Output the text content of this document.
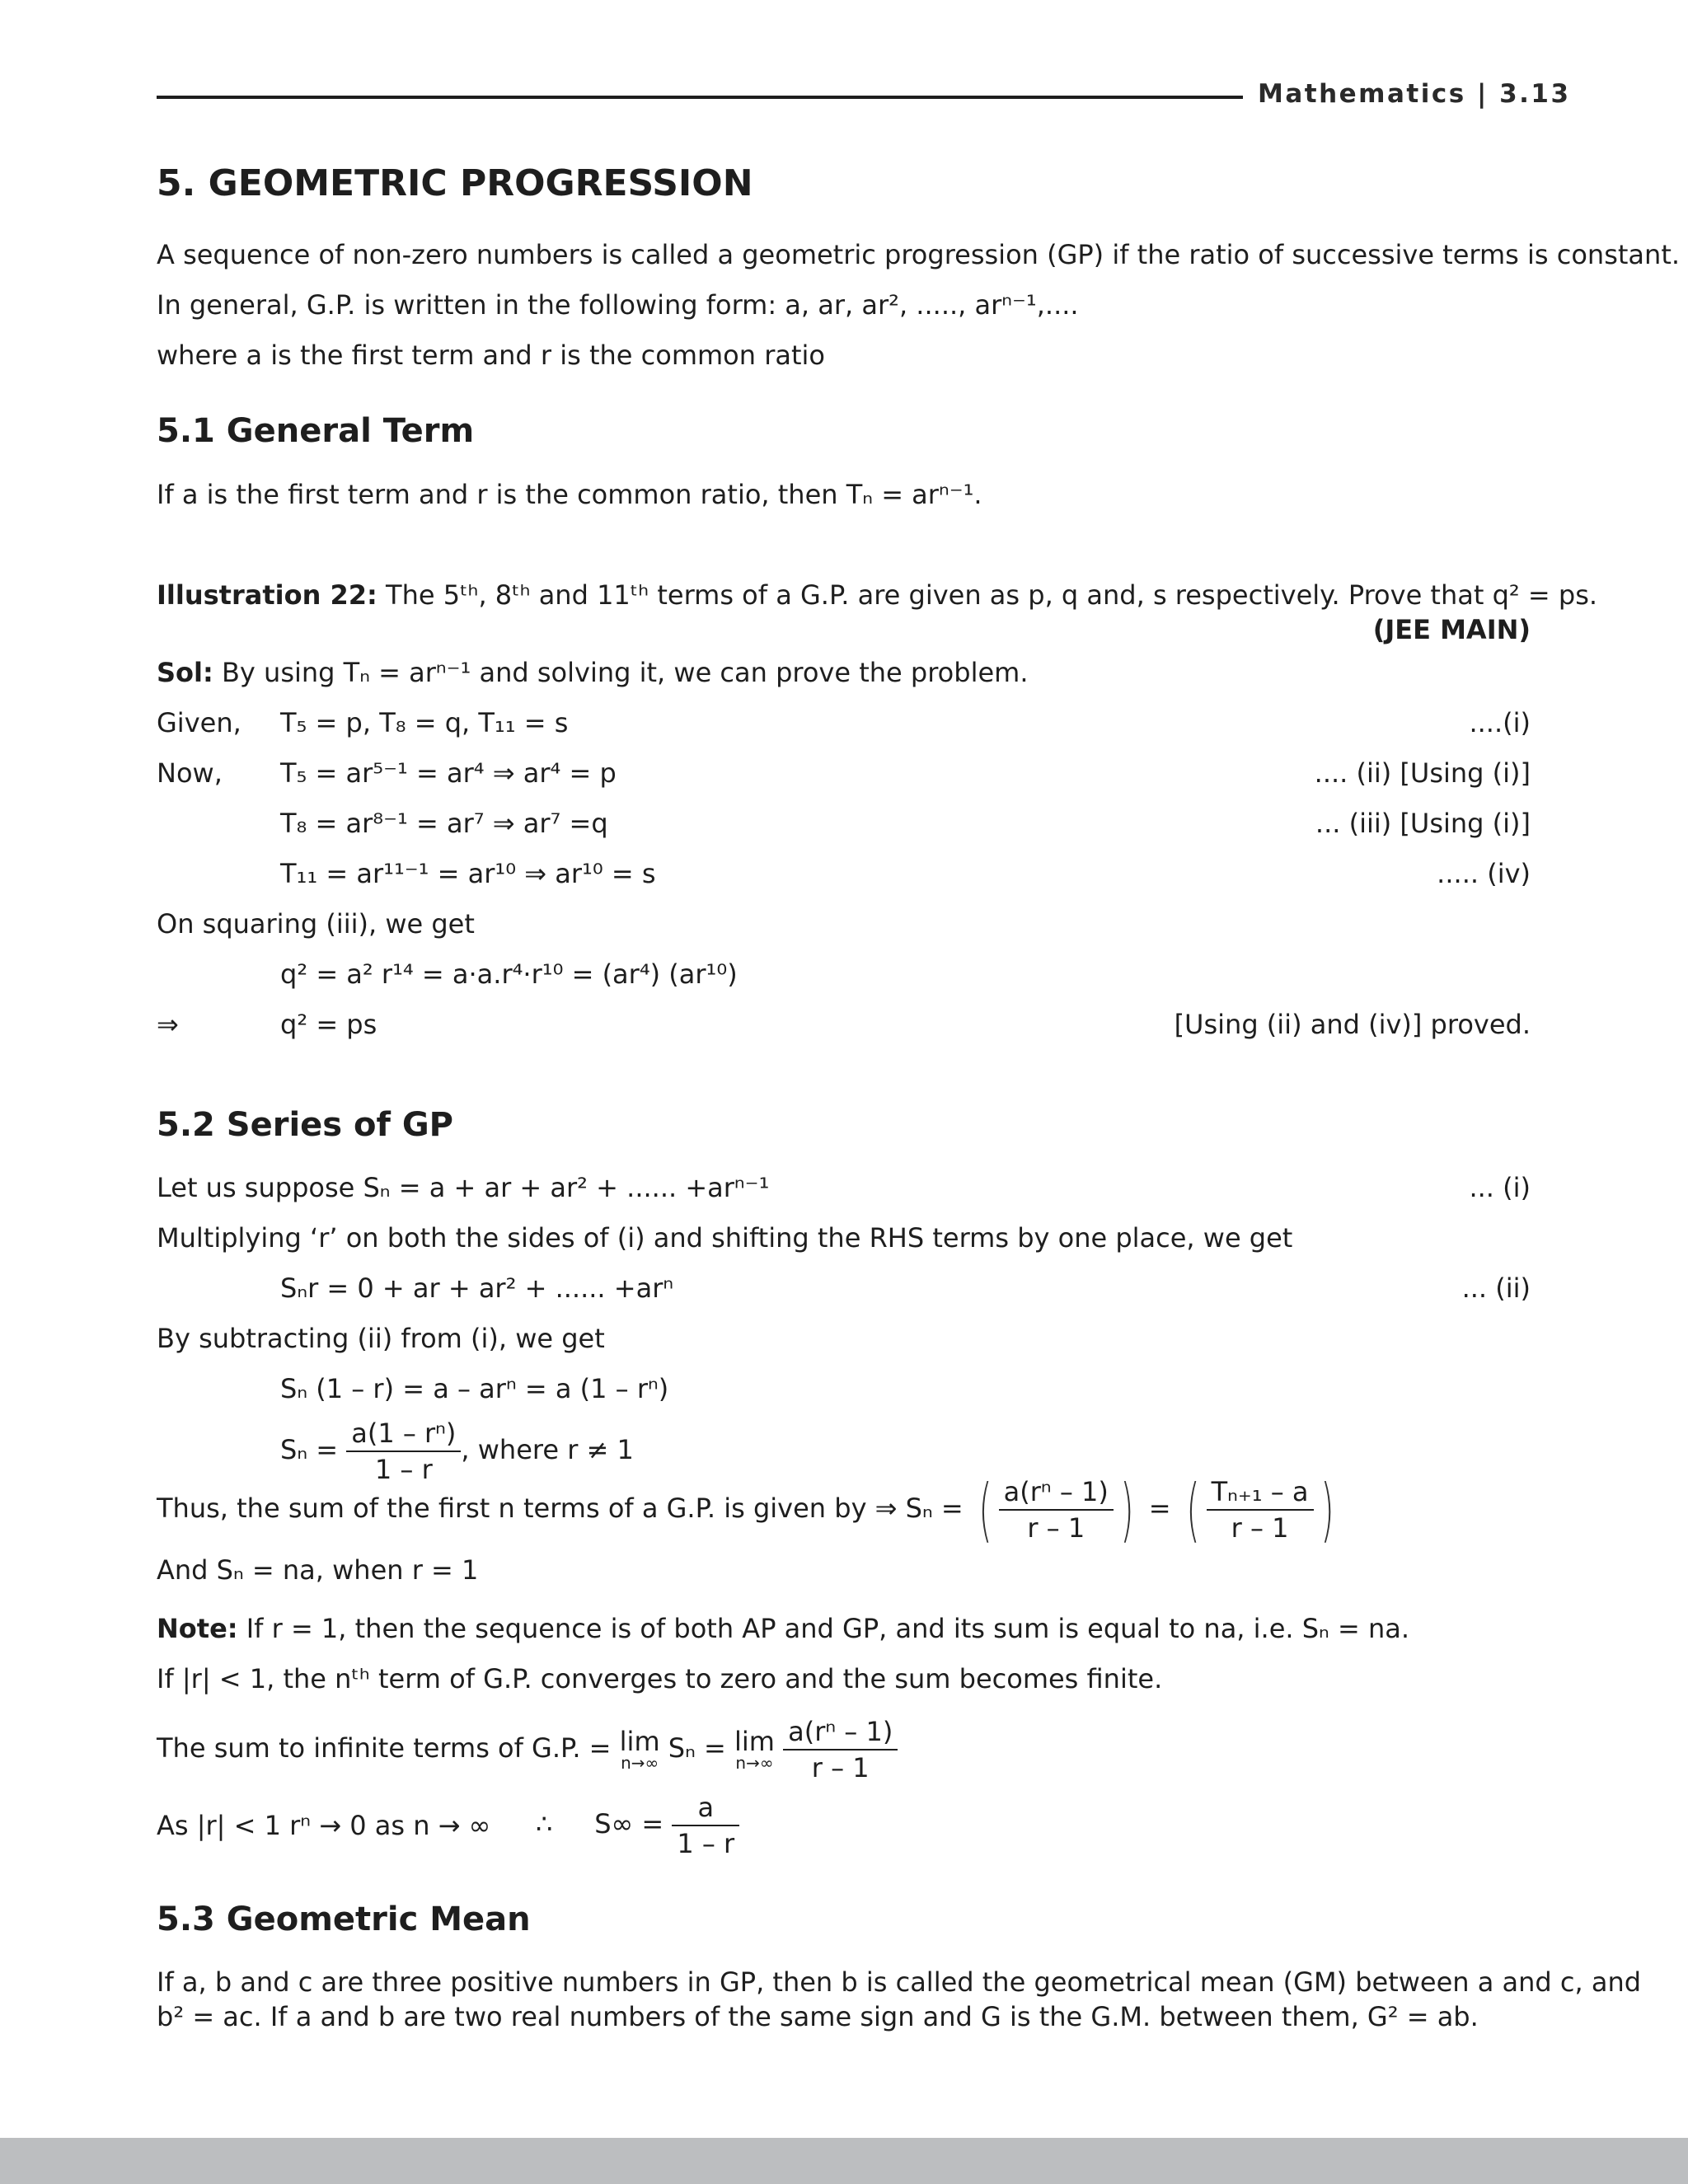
Mathematics | 3.13
5. GEOMETRIC PROGRESSION
A sequence of non-zero numbers is called a geometric progression (GP) if the ratio of successive terms is constant.
In general, G.P. is written in the following form: a, ar, ar², ....., arⁿ⁻¹,....
where a is the first term and r is the common ratio
5.1 General Term
If a is the first term and r is the common ratio, then Tₙ = arⁿ⁻¹.
Illustration 22: The 5ᵗʰ, 8ᵗʰ and 11ᵗʰ terms of a G.P. are given as p, q and, s respectively. Prove that q² = ps.
(JEE MAIN)
Sol: By using Tₙ = arⁿ⁻¹ and solving it, we can prove the problem.
Given, T₅ = p, T₈ = q, T₁₁ = s	....(i)
Now, T₅ = ar⁵⁻¹ = ar⁴ ⇒ ar⁴ = p	.... (ii) [Using (i)]
T₈ = ar⁸⁻¹ = ar⁷ ⇒ ar⁷ =q	... (iii) [Using (i)]
T₁₁ = ar¹¹⁻¹ = ar¹⁰ ⇒ ar¹⁰ = s	..... (iv)
On squaring (iii), we get
q² = a² r¹⁴ = a·a.r⁴·r¹⁰ = (ar⁴) (ar¹⁰)
⇒	q² = ps	[Using (ii) and (iv)] proved.
5.2 Series of GP
Let us suppose Sₙ = a + ar + ar² + ...... +arⁿ⁻¹	... (i)
Multiplying ‘r’ on both the sides of (i) and shifting the RHS terms by one place, we get
Sₙr = 0 + ar + ar² + ...... +arⁿ	... (ii)
By subtracting (ii) from (i), we get
Sₙ (1 – r) = a – arⁿ = a (1 – rⁿ)
$S_n = \frac{\text{a(1 – rⁿ)}}{1 - r}$ , where r ≠ 1
Thus, the sum of the first n terms of a G.P. is given by ⇒ Sₙ = ( $\frac{\text{a(rⁿ – 1)}}{r - 1}$ ) = ( $\frac{\text{Tₙ₊₁ – a}}{r - 1}$ )
And Sₙ = na, when r = 1
Note: If r = 1, then the sequence is of both AP and GP, and its sum is equal to na, i.e. Sₙ = na.
If |r| < 1, the nᵗʰ term of G.P. converges to zero and the sum becomes finite.
The sum to infinite terms of G.P. = lim
n→∞ Sₙ = lim
n→∞
$\frac{\text{a(rⁿ – 1)}}{r - 1}$
As |r| < 1 rⁿ → 0 as n → ∞ ∴ $S\infty = \frac{a}{1 - r}$
5.3 Geometric Mean
If a, b and c are three positive numbers in GP, then b is called the geometrical mean (GM) between a and c, and
b² = ac. If a and b are two real numbers of the same sign and G is the G.M. between them, G² = ab.
